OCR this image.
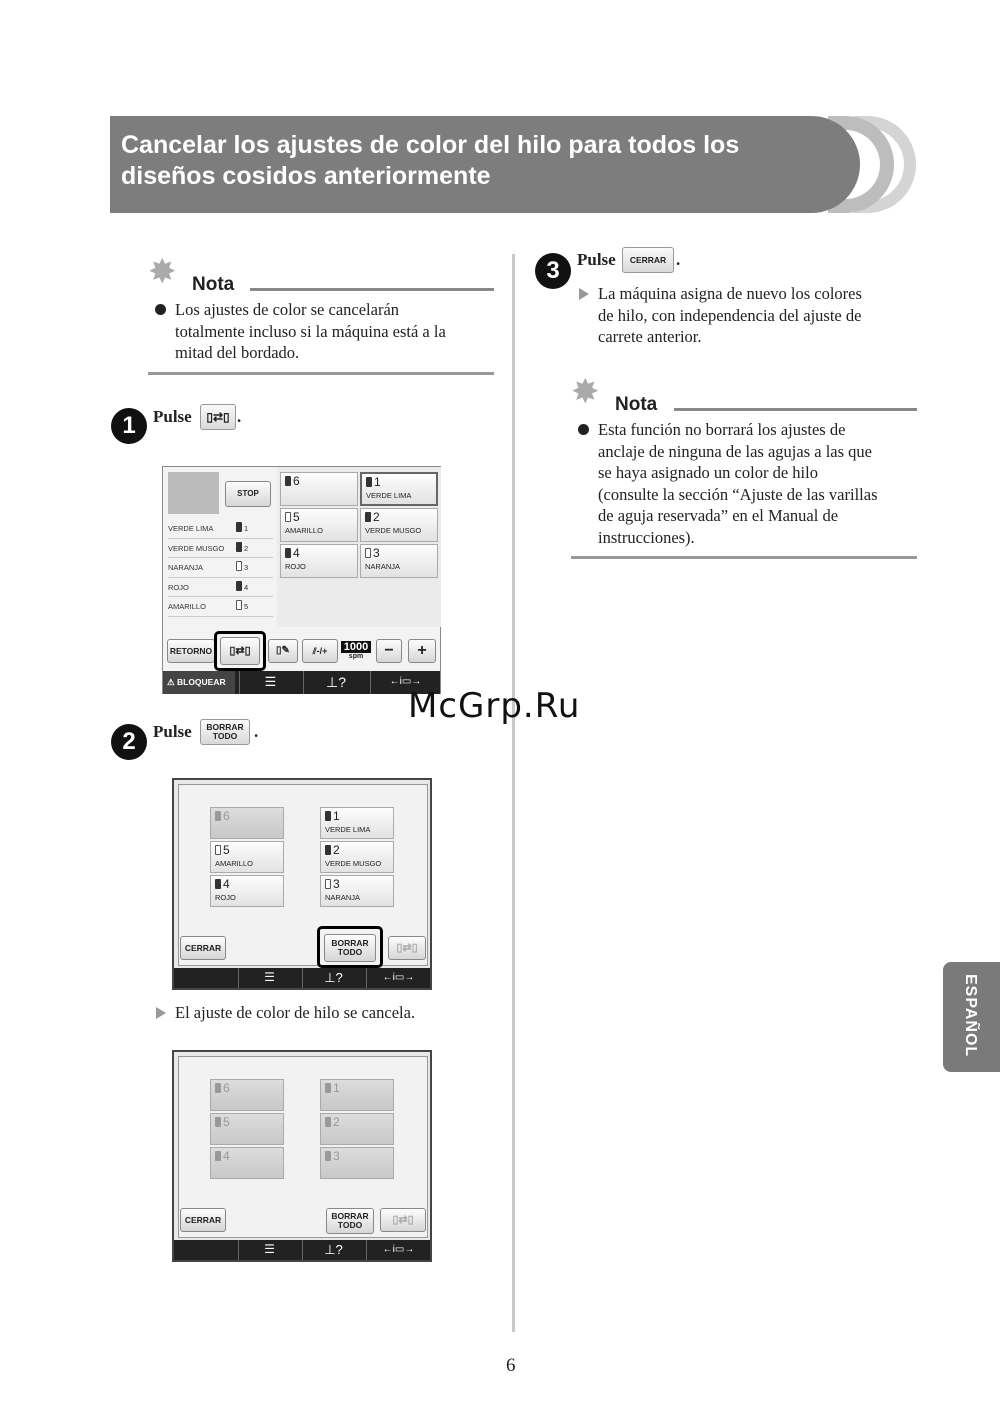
Cancelar los ajustes de color del hilo para todos los
diseños cosidos anteriormente
✸ Nota
Los ajustes de color se cancelarán
totalmente incluso si la máquina está a la
mitad del bordado.
1	Pulse	▯⇄▯ .
STOP
VERDE LIMA	1
VERDE MUSGO	2
NARANJA	3
ROJO	4
AMARILLO	5
6	1
VERDE LIMA
5
AMARILLO
2
VERDE MUSGO
4
ROJO
3
NARANJA
RETORNO	▯⇄▯	▯✎	⫽-/+	1000
spm	−	+
⚠ BLOQUEAR	☰	⊥?	←i▭→
2	Pulse	BORRAR
TODO .
6	1
VERDE LIMA
5
AMARILLO
2
VERDE MUSGO
4
ROJO
3
NARANJA
CERRAR	BORRAR
TODO	▯⇄▯
☰	⊥?	←i▭→
El ajuste de color de hilo se cancela.
6	1
5	2
4	3
CERRAR	BORRAR
TODO	▯⇄▯
☰	⊥?	←i▭→
3	Pulse	CERRAR .
La máquina asigna de nuevo los colores
de hilo, con independencia del ajuste de
carrete anterior.
✸ Nota
Esta función no borrará los ajustes de
anclaje de ninguna de las agujas a las que
se haya asignado un color de hilo
(consulte la sección “Ajuste de las varillas
de aguja reservada” en el Manual de
instrucciones).
McGrp.Ru
ESPAÑOL
6
